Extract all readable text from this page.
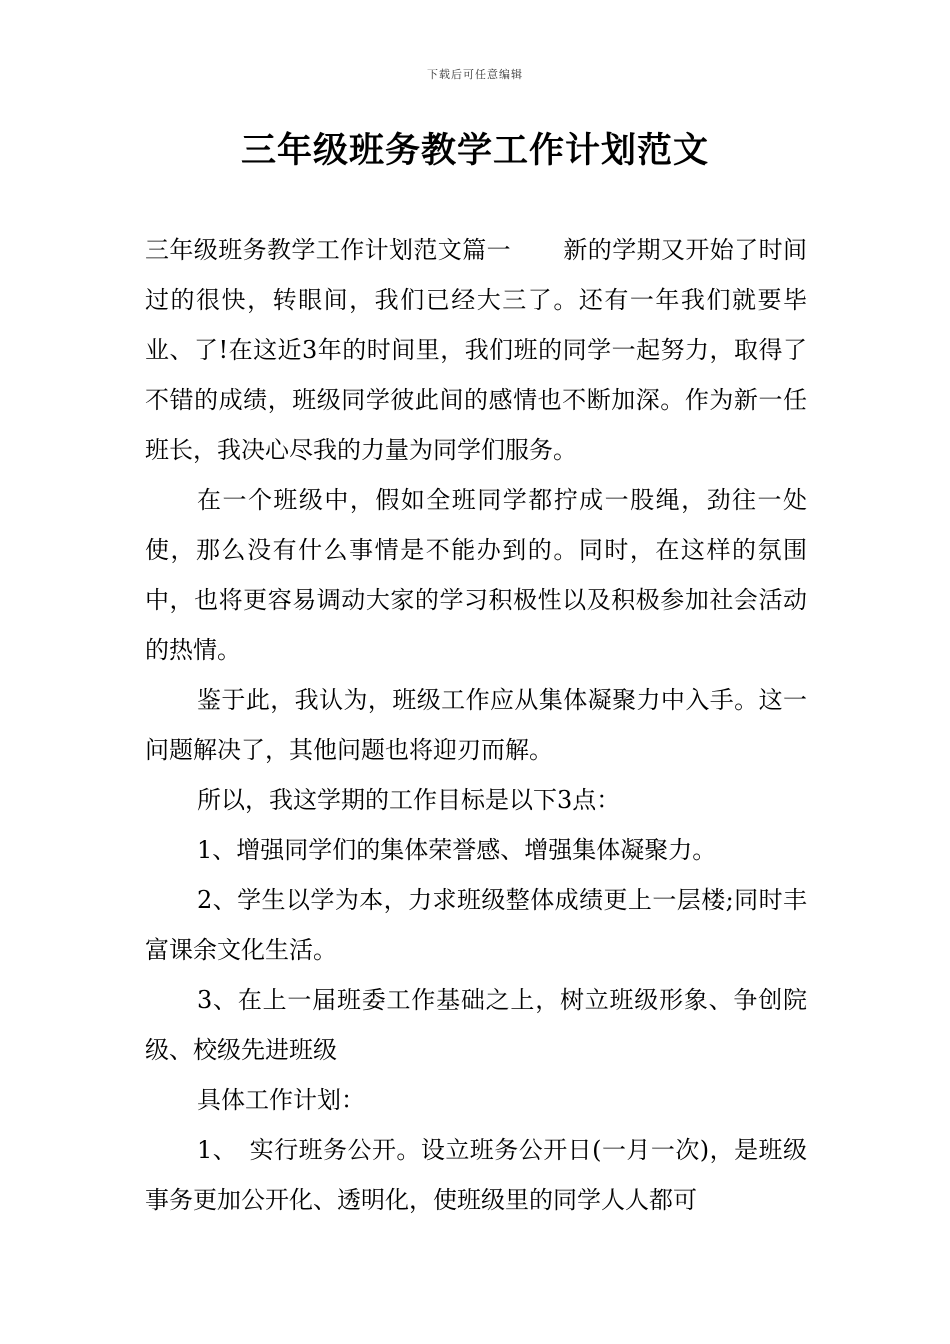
下载后可任意编辑
三年级班务教学工作计划范文

三年级班务教学工作计划范文篇一 新的学期又开始了时间过的很快，转眼间，我们已经大三了。还有一年我们就要毕业、了!在这近3年的时间里，我们班的同学一起努力，取得了不错的成绩，班级同学彼此间的感情也不断加深。作为新一任班长，我决心尽我的力量为同学们服务。

在一个班级中，假如全班同学都拧成一股绳，劲往一处使，那么没有什么事情是不能办到的。同时，在这样的氛围中，也将更容易调动大家的学习积极性以及积极参加社会活动的热情。

鉴于此，我认为，班级工作应从集体凝聚力中入手。这一问题解决了，其他问题也将迎刃而解。

所以，我这学期的工作目标是以下3点：

1、增强同学们的集体荣誉感、增强集体凝聚力。

2、学生以学为本，力求班级整体成绩更上一层楼;同时丰富课余文化生活。

3、在上一届班委工作基础之上，树立班级形象、争创院级、校级先进班级

具体工作计划：

1、　实行班务公开。设立班务公开日(一月一次)，是班级事务更加公开化、透明化，使班级里的同学人人都可
